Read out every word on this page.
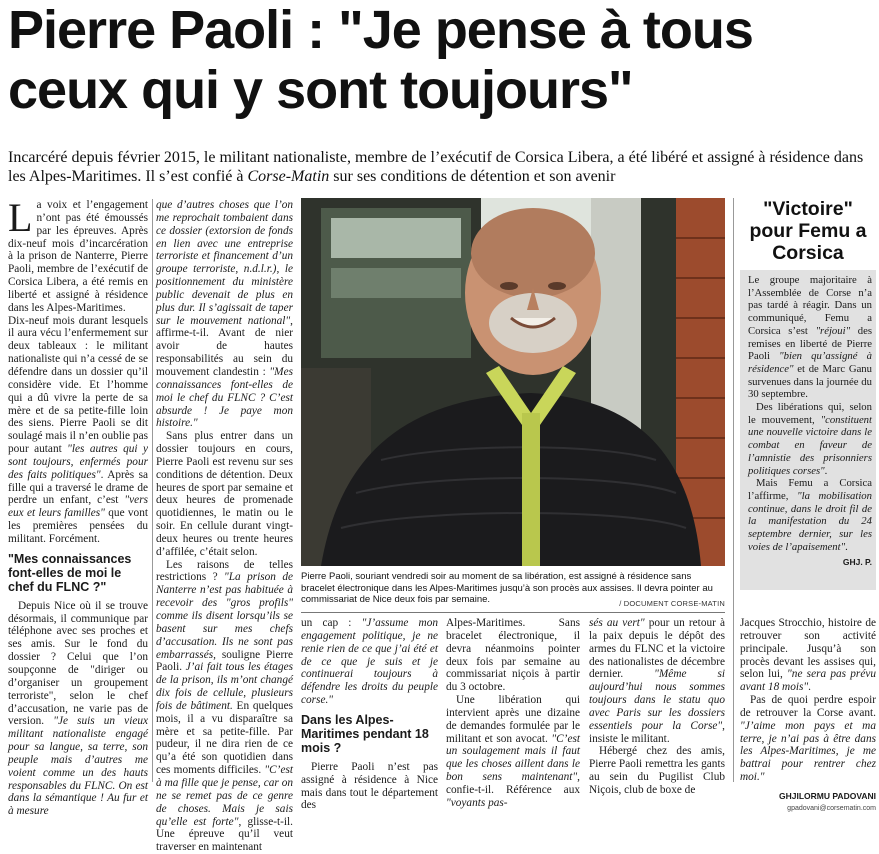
Pierre Paoli : "Je pense à tous
ceux qui y sont toujours"
Incarcéré depuis février 2015, le militant nationaliste, membre de l’exécutif de Corsica Libera, a été libéré et assigné à résidence dans les Alpes-Maritimes. Il s’est confié à Corse-Matin sur ses conditions de détention et son avenir

La voix et l’engagement n’ont pas été émoussés par les épreuves. Après dix-neuf mois d’incarcération à la prison de Nanterre, Pierre Paoli, membre de l’exécutif de Corsica Libera, a été remis en liberté et assigné à résidence dans les Alpes-Maritimes.

Dix-neuf mois durant lesquels il aura vécu l’enfermement sur deux tableaux : le militant nationaliste qui n’a cessé de se défendre dans un dossier qu’il considère vide. Et l’homme qui a dû vivre la perte de sa mère et de sa petite-fille loin des siens. Pierre Paoli se dit soulagé mais il n’en oublie pas pour autant "les autres qui y sont toujours, enfermés pour des faits politiques". Après sa fille qui a traversé le drame de perdre un enfant, c’est "vers eux et leurs familles" que vont les premières pensées du militant. Forcément.

"Mes connaissances font-elles de moi le chef du FLNC ?"

Depuis Nice où il se trouve désormais, il communique par téléphone avec ses proches et ses amis. Sur le fond du dossier ? Celui que l’on soupçonne de "diriger ou d’organiser un groupement terroriste", selon le chef d’accusation, ne varie pas de version. "Je suis un vieux militant nationaliste engagé pour sa langue, sa terre, son peuple mais d’autres me voient comme un des hauts responsables du FLNC. On est dans la sémantique ! Au fur et à mesure

que d’autres choses que l’on me reprochait tombaient dans ce dossier (extorsion de fonds en lien avec une entreprise terroriste et financement d’un groupe terroriste, n.d.l.r.), le positionnement du ministère public devenait de plus en plus dur. Il s’agissait de taper sur le mouvement national", affirme-t-il. Avant de nier avoir de hautes responsabilités au sein du mouvement clandestin : "Mes connaissances font-elles de moi le chef du FLNC ? C’est absurde ! Je paye mon histoire."

Sans plus entrer dans un dossier toujours en cours, Pierre Paoli est revenu sur ses conditions de détention. Deux heures de sport par semaine et deux heures de promenade quotidiennes, le matin ou le soir. En cellule durant vingt-deux heures ou trente heures d’affilée, c’était selon.

Les raisons de telles restrictions ? "La prison de Nanterre n’est pas habituée à recevoir des "gros profils" comme ils disent lorsqu’ils se basent sur mes chefs d’accusation. Ils ne sont pas embarrassés, souligne Pierre Paoli. J’ai fait tous les étages de la prison, ils m’ont changé dix fois de cellule, plusieurs fois de bâtiment. En quelques mois, il a vu disparaître sa mère et sa petite-fille. Par pudeur, il ne dira rien de ce qu’a été son quotidien dans ces moments difficiles. "C’est à ma fille que je pense, car on ne se remet pas de ce genre de choses. Mais je sais qu’elle est forte", glisse-t-il. Une épreuve qu’il veut traverser en maintenant

Pierre Paoli, souriant vendredi soir au moment de sa libération, est assigné à résidence sans bracelet électronique dans les Alpes-Maritimes jusqu’à son procès aux assises. Il devra pointer au commissariat de Nice deux fois par semaine.	/ DOCUMENT CORSE-MATIN

un cap : "J’assume mon engagement politique, je ne renie rien de ce que j’ai été et de ce que je suis et je continuerai toujours à défendre les droits du peuple corse."

Dans les Alpes-Maritimes pendant 18 mois ?

Pierre Paoli n’est pas assigné à résidence à Nice mais dans tout le département des

Alpes-Maritimes. Sans bracelet électronique, il devra néanmoins pointer deux fois par semaine au commissariat niçois à partir du 3 octobre.

Une libération qui intervient après une dizaine de demandes formulée par le militant et son avocat. "C’est un soulagement mais il faut que les choses aillent dans le bon sens maintenant", confie-t-il. Référence aux "voyants pas-

sés au vert" pour un retour à la paix depuis le dépôt des armes du FLNC et la victoire des nationalistes de décembre dernier. "Même si aujourd’hui nous sommes toujours dans le statu quo avec Paris sur les dossiers essentiels pour la Corse", insiste le militant.

Hébergé chez des amis, Pierre Paoli remettra les gants au sein du Pugilist Club Niçois, club de boxe de

"Victoire" pour Femu a Corsica

Le groupe majoritaire à l’Assemblée de Corse n’a pas tardé à réagir. Dans un communiqué, Femu a Corsica s’est "réjoui" des remises en liberté de Pierre Paoli "bien qu’assigné à résidence" et de Marc Ganu survenues dans la journée du 30 septembre.

Des libérations qui, selon le mouvement, "constituent une nouvelle victoire dans le combat en faveur de l’amnistie des prisonniers politiques corses".

Mais Femu a Corsica l’affirme, "la mobilisation continue, dans le droit fil de la manifestation du 24 septembre dernier, sur les voies de l’apaisement".

GHJ. P.

Jacques Strocchio, histoire de retrouver son activité principale. Jusqu’à son procès devant les assises qui, selon lui, "ne sera pas prévu avant 18 mois".

Pas de quoi perdre espoir de retrouver la Corse avant. "J’aime mon pays et ma terre, je n’ai pas à être dans les Alpes-Maritimes, je me battrai pour rentrer chez moi."

GHJILORMU PADOVANI
gpadovani@corsematin.com
